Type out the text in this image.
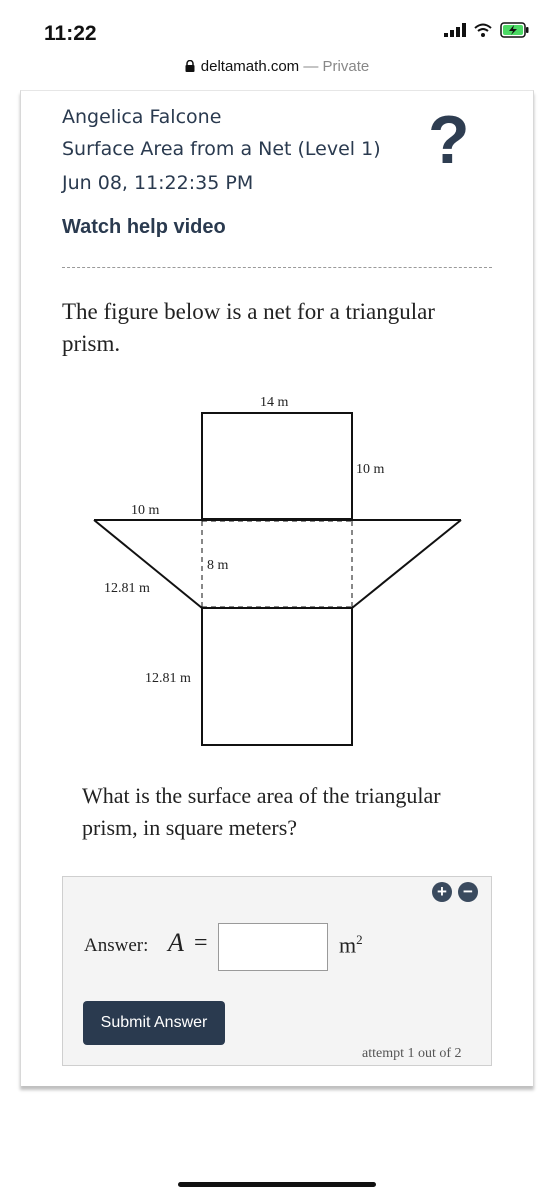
11:22
deltamath.com — Private
Angelica Falcone
Surface Area from a Net (Level 1)
Jun 08, 11:22:35 PM
Watch help video
?
The figure below is a net for a triangular prism.
14 m
10 m
10 m
8 m
12.81 m
12.81 m
What is the surface area of the triangular prism, in square meters?
+ −
Answer: A =	$m^2$
Submit Answer
attempt 1 out of 2
